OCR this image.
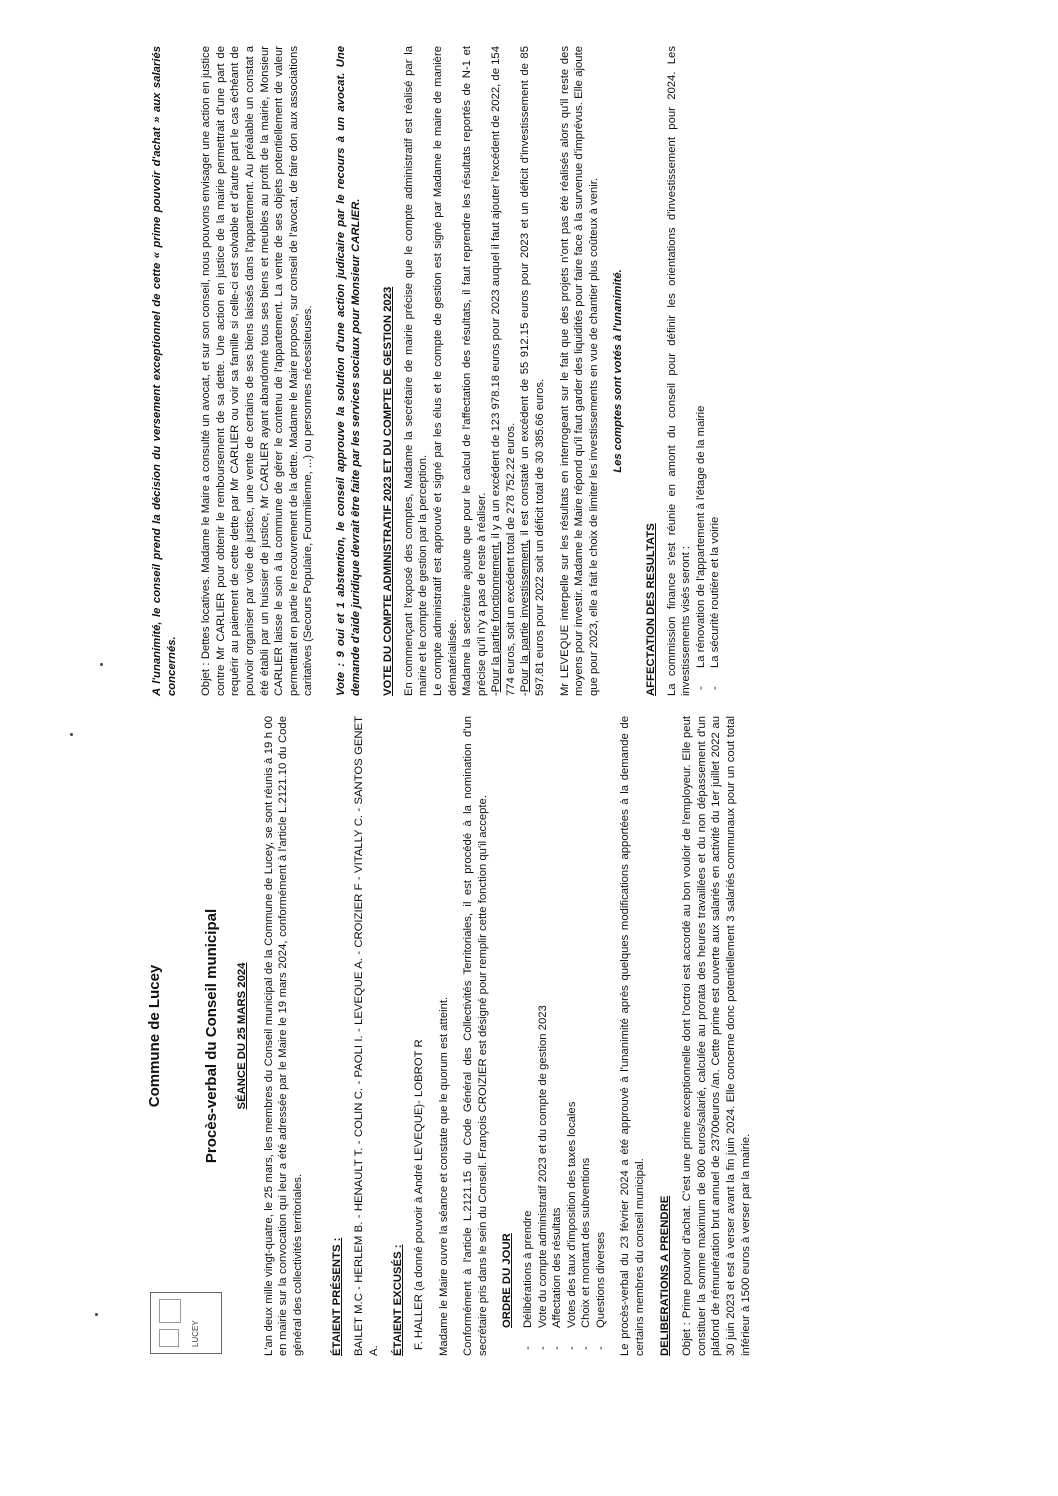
LUCEY
Commune de Lucey	Procès-verbal du Conseil municipal SÉANCE DU 25 MARS 2024 L'an deux mille vingt-quatre, le 25 mars, les membres du Conseil municipal de la Commune de Lucey, se sont réunis à 19 h 00 en mairie sur la convocation qui leur a été adressée par le Maire le 19 mars 2024, conformément à l'article L.2121.10 du Code général des collectivités territoriales. ÉTAIENT PRÉSENTS : BAILET M.C - HERLEM B. - HENAULT T. - COLIN C. - PAOLI I. - LEVEQUE A. - CROIZIER F - VITALLY C. - SANTOS GENET A. ÉTAIENT EXCUSÉS : F. HALLER (a donné pouvoir à André LEVEQUE)- LOBROT R Madame le Maire ouvre la séance et constate que le quorum est atteint. Conformément à l'article L.2121.15 du Code Général des Collectivités Territoriales, il est procédé à la nomination d'un secrétaire pris dans le sein du Conseil. François CROIZIER est désigné pour remplir cette fonction qu'il accepte. ORDRE DU JOUR - Délibérations à prendre - Vote du compte administratif 2023 et du compte de gestion 2023 - Affectation des résultats - Votes des taux d'imposition des taxes locales - Choix et montant des subventions - Questions diverses Le procès-verbal du 23 février 2024 a été approuvé à l'unanimité après quelques modifications apportées à la demande de certains membres du conseil municipal. DELIBERATIONS A PRENDRE Objet : Prime pouvoir d'achat. C'est une prime exceptionnelle dont l'octroi est accordé au bon vouloir de l'employeur. Elle peut constituer la somme maximum de 800 euros/salarié, calculée au prorata des heures travaillées et du non dépassement d'un plafond de rémunération brut annuel de 23700euros /an. Cette prime est ouverte aux salariés en activité du 1er juillet 2022 au 30 juin 2023 et est à verser avant la fin juin 2024. Elle concerne donc potentiellement 3 salariés communaux pour un cout total inférieur à 1500 euros à verser par la mairie.

A l'unanimité, le conseil prend la décision du versement exceptionnel de cette « prime pouvoir d'achat » aux salariés concernés. Objet : Dettes locatives. Madame le Maire a consulté un avocat, et sur son conseil, nous pouvons envisager une action en justice contre Mr CARLIER pour obtenir le remboursement de sa dette. Une action en justice de la mairie permettrait d'une part de requérir au paiement de cette dette par Mr CARLIER ou voir sa famille si celle-ci est solvable et d'autre part le cas échéant de pouvoir organiser par voie de justice, une vente de certains de ses biens laissés dans l'appartement. Au préalable un constat a été établi par un huissier de justice, Mr CARLIER ayant abandonné tous ses biens et meubles au profit de la mairie, Monsieur CARLIER laisse le soin à la commune de gérer le contenu de l'appartement. La vente de ses objets potentiellement de valeur permettrait en partie le recouvrement de la dette. Madame le Maire propose, sur conseil de l'avocat, de faire don aux associations caritatives (Secours Populaire, Fourmilienne, ...) ou personnes nécessiteuses. Vote : 9 oui et 1 abstention, le conseil approuve la solution d'une action judicaire par le recours à un avocat. Une demande d'aide juridique devrait être faite par les services sociaux pour Monsieur CARLIER. VOTE DU COMPTE ADMINISTRATIF 2023 ET DU COMPTE DE GESTION 2023 En commençant l'exposé des comptes, Madame la secrétaire de mairie précise que le compte administratif est réalisé par la mairie et le compte de gestion par la perception. Le compte administratif est approuvé et signé par les élus et le compte de gestion est signé par Madame le maire de manière dématérialisée. Madame la secrétaire ajoute que pour le calcul de l'affectation des résultats, il faut reprendre les résultats reportés de N-1 et précise qu'il n'y a pas de reste à réaliser. -Pour la partie fonctionnement, il y a un excédent de 123 978.18 euros pour 2023 auquel il faut ajouter l'excédent de 2022, de 154 774 euros, soit un excédent total de 278 752.22 euros. -Pour la partie investissement, il est constaté un excédent de 55 912.15 euros pour 2023 et un déficit d'investissement de 85 597.81 euros pour 2022 soit un déficit total de 30 385.66 euros. Mr LEVEQUE interpelle sur les résultats en interrogeant sur le fait que des projets n'ont pas été réalisés alors qu'il reste des moyens pour investir. Madame le Maire répond qu'il faut garder des liquidités pour faire face à la survenue d'imprévus. Elle ajoute que pour 2023, elle a fait le choix de limiter les investissements en vue de chantier plus coûteux à venir. Les comptes sont votés à l'unanimité.

AFFECTATION DES RESULTATS La commission finance s'est réunie en amont du conseil pour définir les orientations d'investissement pour 2024. Les investissements visés seront : - La rénovation de l'appartement à l'étage de la mairie - La sécurité routière et la voirie
